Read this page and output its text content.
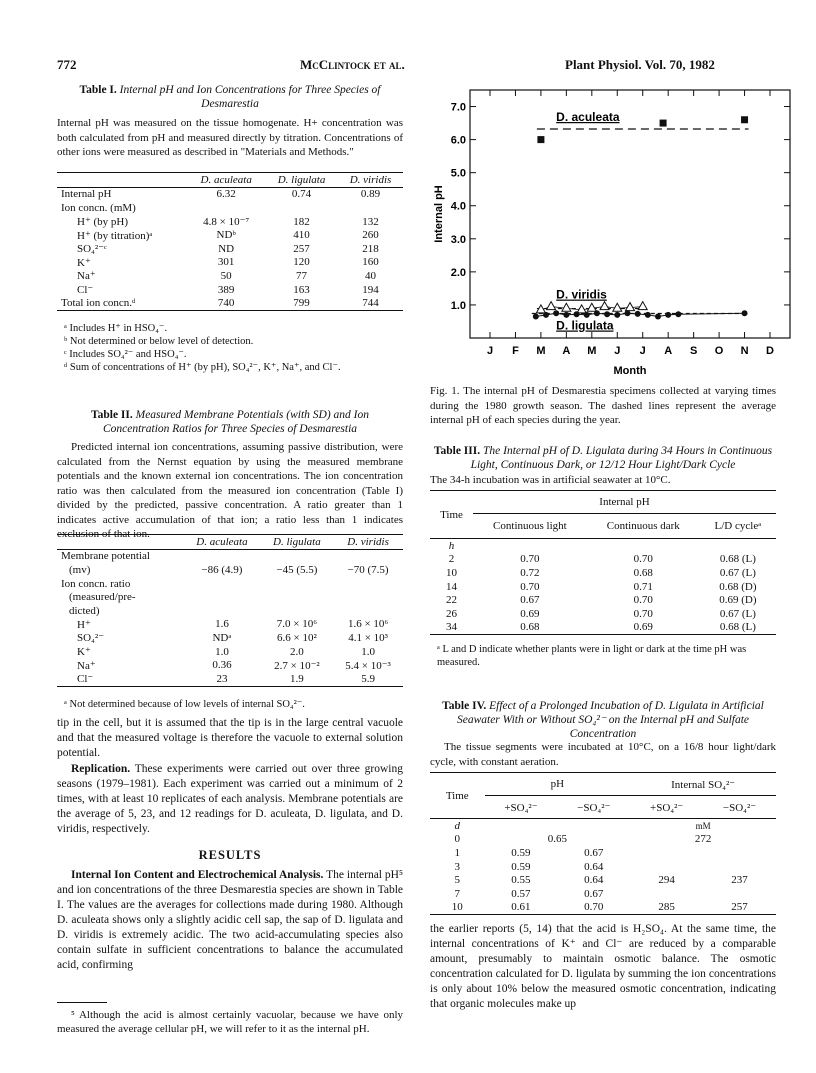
772	McClintock et al.	Plant Physiol. Vol. 70, 1982
Table I. Internal pH and Ion Concentrations for Three Species of Desmarestia
Internal pH was measured on the tissue homogenate. H+ concentration was both calculated from pH and measured directly by titration. Concentrations of other ions were measured as described in "Materials and Methods."
	D. aculeata	D. ligulata	D. viridis
Internal pH	6.32	0.74	0.89
Ion concn. (mM)			
H⁺ (by pH)	4.8 × 10⁻⁷	182	132
H⁺ (by titration)ᵃ	NDᵇ	410	260
SO₄²⁻ᶜ	ND	257	218
K⁺	301	120	160
Na⁺	50	77	40
Cl⁻	389	163	194
Total ion concn.ᵈ	740	799	744
ᵃ Includes H⁺ in HSO₄⁻.
ᵇ Not determined or below level of detection.
ᶜ Includes SO₄²⁻ and HSO₄⁻.
ᵈ Sum of concentrations of H⁺ (by pH), SO₄²⁻, K⁺, Na⁺, and Cl⁻.
Table II. Measured Membrane Potentials (with SD) and Ion Concentration Ratios for Three Species of Desmarestia
Predicted internal ion concentrations, assuming passive distribution, were calculated from the Nernst equation by using the measured membrane potentials and the known external ion concentrations. The ion concentration ratio was then calculated from the measured ion concentration (Table I) divided by the predicted, passive concentration. A ratio greater than 1 indicates active accumulation of that ion; a ratio less than 1 indicates exclusion of that ion.
	D. aculeata	D. ligulata	D. viridis
Membrane potential			
(mv)	−86 (4.9)	−45 (5.5)	−70 (7.5)
Ion concn. ratio			
(measured/pre-			
dicted)			
H⁺	1.6	7.0 × 10⁶	1.6 × 10⁶
SO₄²⁻	NDᵃ	6.6 × 10²	4.1 × 10³
K⁺	1.0	2.0	1.0
Na⁺	0.36	2.7 × 10⁻²	5.4 × 10⁻³
Cl⁻	23	1.9	5.9
ᵃ Not determined because of low levels of internal SO₄²⁻.
tip in the cell, but it is assumed that the tip is in the large central vacuole and that the measured voltage is therefore the vacuole to external solution potential.
Replication. These experiments were carried out over three growing seasons (1979–1981). Each experiment was carried out a minimum of 2 times, with at least 10 replicates of each analysis. Membrane potentials are the average of 5, 23, and 12 readings for D. aculeata, D. ligulata, and D. viridis, respectively.
RESULTS
Internal Ion Content and Electrochemical Analysis. The internal pH⁵ and ion concentrations of the three Desmarestia species are shown in Table I. The values are the averages for collections made during 1980. Although D. aculeata shows only a slightly acidic cell sap, the sap of D. ligulata and D. viridis is extremely acidic. The two acid-accumulating species also contain sulfate in sufficient concentrations to balance the accumulated acid, confirming
⁵ Although the acid is almost certainly vacuolar, because we have only measured the average cellular pH, we will refer to it as the internal pH.
1.0
2.0
3.0
4.0
5.0
6.0
7.0
J F M A M J J A S O N D
Month
Internal pH
D. aculeata
D. viridis
D. ligulata
Fig. 1. The internal pH of Desmarestia specimens collected at varying times during the 1980 growth season. The dashed lines represent the average internal pH of each species during the year.
Table III. The Internal pH of D. Ligulata during 34 Hours in Continuous Light, Continuous Dark, or 12/12 Hour Light/Dark Cycle
The 34-h incubation was in artificial seawater at 10°C.
Time	Internal pH		
	Continuous light	Continuous dark	L/D cycleᵃ
h			
2	0.70	0.70	0.68 (L)
10	0.72	0.68	0.67 (L)
14	0.70	0.71	0.68 (D)
22	0.67	0.70	0.69 (D)
26	0.69	0.70	0.67 (L)
34	0.68	0.69	0.68 (L)
ᵃ L and D indicate whether plants were in light or dark at the time pH was measured.
Table IV. Effect of a Prolonged Incubation of D. Ligulata in Artificial Seawater With or Without SO₄²⁻ on the Internal pH and Sulfate Concentration
The tissue segments were incubated at 10°C, on a 16/8 hour light/dark cycle, with constant aeration.
Time	pH		Internal SO₄²⁻	
	+SO₄²⁻	−SO₄²⁻	+SO₄²⁻	−SO₄²⁻
d			mM	
0	0.65		272	
1	0.59	0.67		
3	0.59	0.64		
5	0.55	0.64	294	237
7	0.57	0.67		
10	0.61	0.70	285	257
the earlier reports (5, 14) that the acid is H₂SO₄. At the same time, the internal concentrations of K⁺ and Cl⁻ are reduced by a comparable amount, presumably to maintain osmotic balance. The osmotic concentration calculated for D. ligulata by summing the ion concentrations is only about 10% below the measured osmotic concentration, indicating that organic molecules make up
